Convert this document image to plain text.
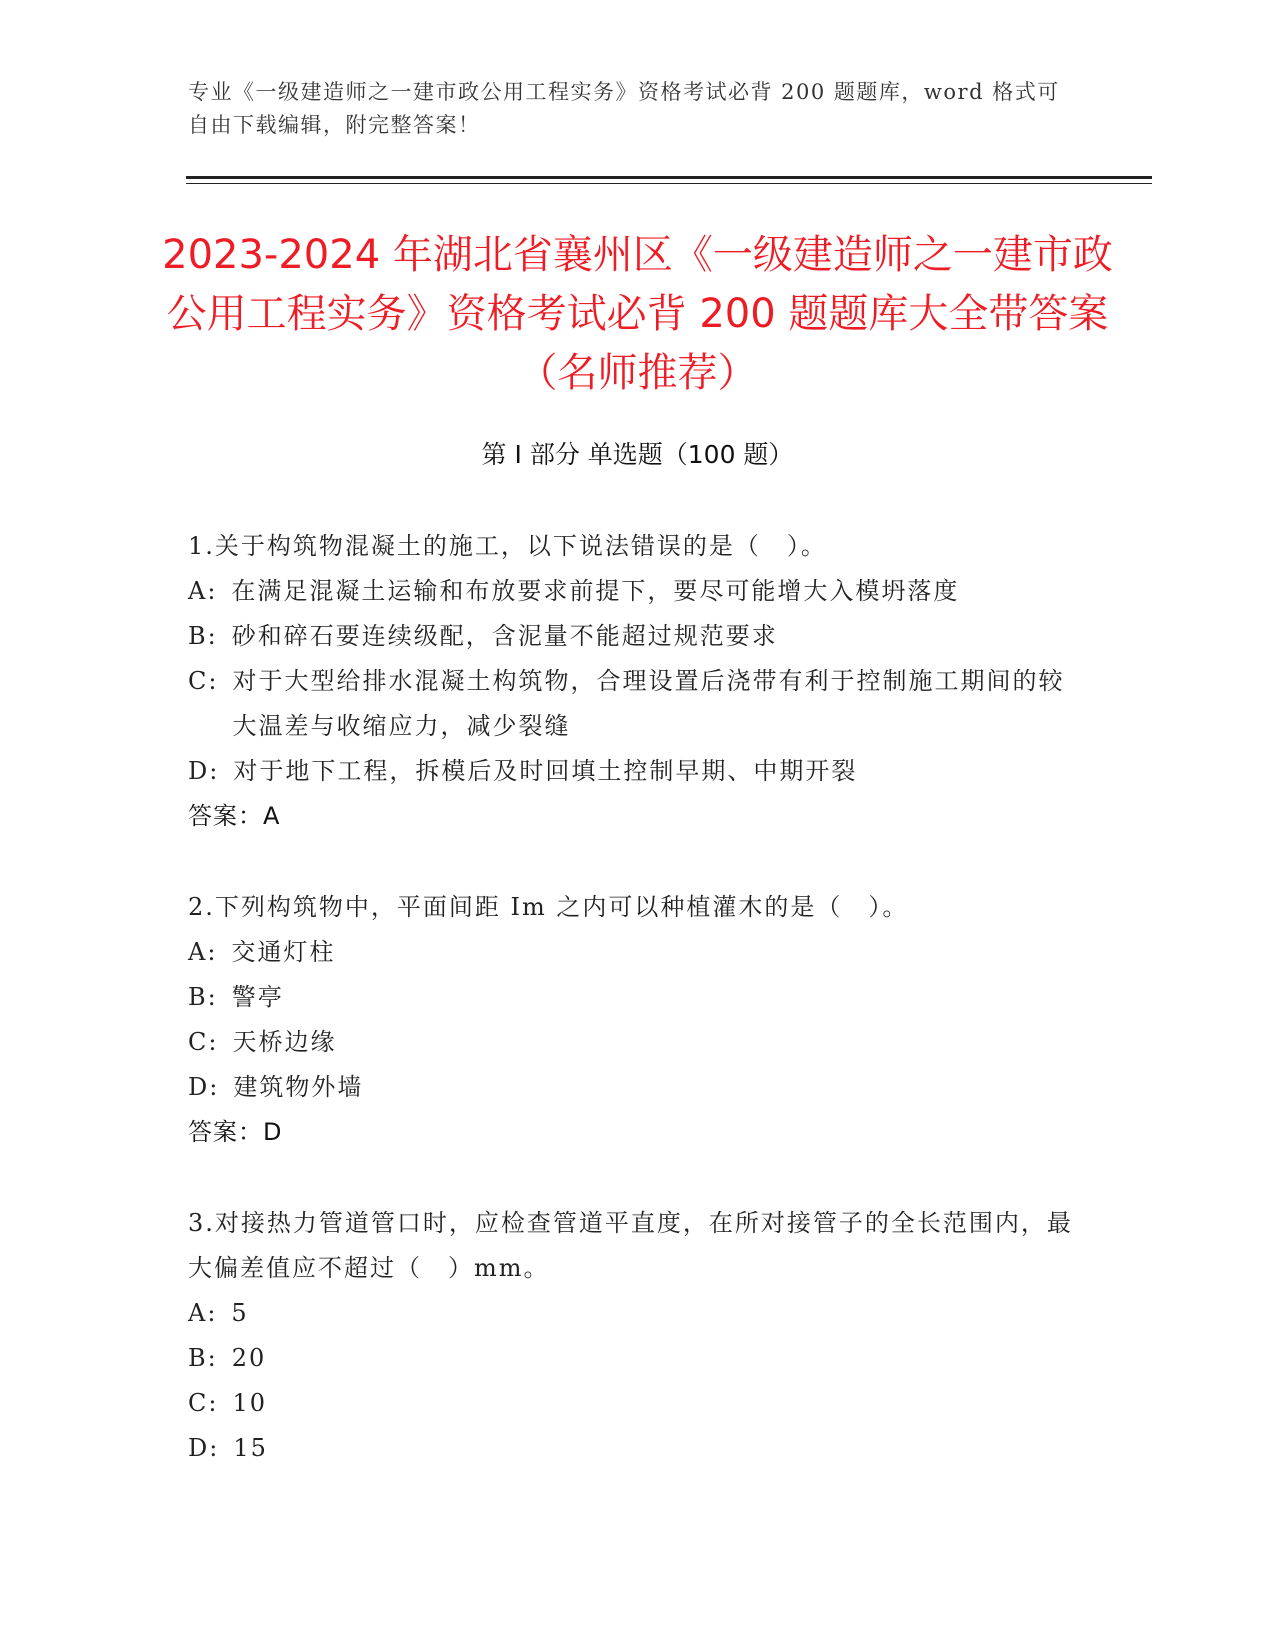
专业《一级建造师之一建市政公用工程实务》资格考试必背 200 题题库，word 格式可自由下载编辑，附完整答案！
2023-2024 年湖北省襄州区《一级建造师之一建市政公用工程实务》资格考试必背 200 题题库大全带答案（名师推荐）
第 I 部分 单选题（100 题）
1.关于构筑物混凝土的施工，以下说法错误的是（　）。
A: 在满足混凝土运输和布放要求前提下，要尽可能增大入模坍落度
B: 砂和碎石要连续级配，含泥量不能超过规范要求
C: 对于大型给排水混凝土构筑物，合理设置后浇带有利于控制施工期间的较大温差与收缩应力，减少裂缝
D: 对于地下工程，拆模后及时回填土控制早期、中期开裂
答案：A
2.下列构筑物中，平面间距 Im 之内可以种植灌木的是（　）。
A: 交通灯柱
B: 警亭
C: 天桥边缘
D: 建筑物外墙
答案：D
3.对接热力管道管口时，应检查管道平直度，在所对接管子的全长范围内，最大偏差值应不超过（　）mm。
A: 5
B: 20
C: 10
D: 15
